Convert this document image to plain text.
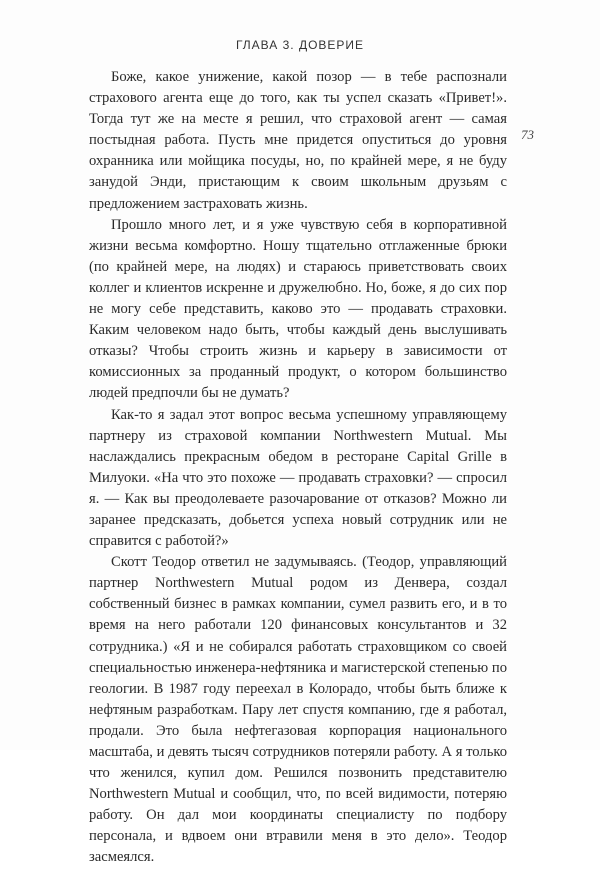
ГЛАВА 3. ДОВЕРИЕ
73

Боже, какое унижение, какой позор — в тебе распознали страхового агента еще до того, как ты успел сказать «Привет!». Тогда тут же на месте я решил, что страховой агент — самая постыдная работа. Пусть мне придется опуститься до уровня охранника или мойщика посуды, но, по крайней мере, я не буду занудой Энди, пристающим к своим школьным друзьям с предложением застраховать жизнь.

Прошло много лет, и я уже чувствую себя в корпоративной жизни весьма комфортно. Ношу тщательно отглаженные брюки (по крайней мере, на людях) и стараюсь приветствовать своих коллег и клиентов искренне и дружелюбно. Но, боже, я до сих пор не могу себе представить, каково это — продавать страховки. Каким человеком надо быть, чтобы каждый день выслушивать отказы? Чтобы строить жизнь и карьеру в зависимости от комиссионных за проданный продукт, о котором большинство людей предпочли бы не думать?

Как-то я задал этот вопрос весьма успешному управляющему партнеру из страховой компании Northwestern Mutual. Мы наслаждались прекрасным обедом в ресторане Capital Grille в Милуоки. «На что это похоже — продавать страховки? — спросил я. — Как вы преодолеваете разочарование от отказов? Можно ли заранее предсказать, добьется успеха новый сотрудник или не справится с работой?»

Скотт Теодор ответил не задумываясь. (Теодор, управляющий партнер Northwestern Mutual родом из Денвера, создал собственный бизнес в рамках компании, сумел развить его, и в то время на него работали 120 финансовых консультантов и 32 сотрудника.) «Я и не собирался работать страховщиком со своей специальностью инженера-нефтяника и магистерской степенью по геологии. В 1987 году переехал в Колорадо, чтобы быть ближе к нефтяным разработкам. Пару лет спустя компанию, где я работал, продали. Это была нефтегазовая корпорация национального масштаба, и девять тысяч сотрудников потеряли работу. А я только что женился, купил дом. Решился позвонить представителю Northwestern Mutual и сообщил, что, по всей видимости, потеряю работу. Он дал мои координаты специалисту по подбору персонала, и вдвоем они втравили меня в это дело». Теодор засмеялся.
